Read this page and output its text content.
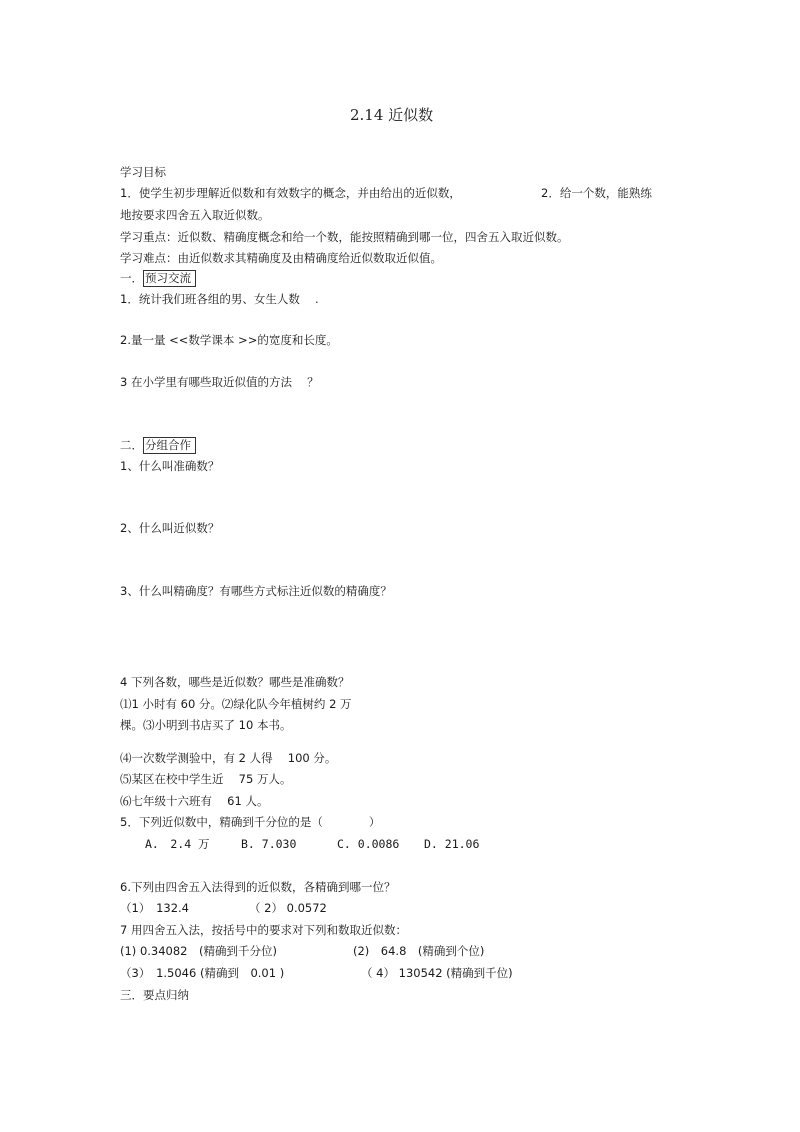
2.14 近似数
学习目标
1．使学生初步理解近似数和有效数字的概念，并由给出的近似数，	2．给一个数，能熟练
地按要求四舍五入取近似数。
学习重点：近似数、精确度概念和给一个数，能按照精确到哪一位，四舍五入取近似数。
学习难点：由近似数求其精确度及由精确度给近似数取近似值。
一． 预习交流
1．统计我们班各组的男、女生人数　 .
2.量一量 <<数学课本 >>的宽度和长度。
3 在小学里有哪些取近似值的方法　 ？
二． 分组合作
1、什么叫准确数？
2、什么叫近似数？
3、什么叫精确度？有哪些方式标注近似数的精确度？
4 下列各数，哪些是近似数？哪些是准确数？
⑴1 小时有 60 分。⑵绿化队今年植树约 2 万
棵。⑶小明到书店买了 10 本书。
⑷一次数学测验中，有 2 人得　 100 分。
⑸某区在校中学生近　 75 万人。
⑹七年级十六班有　 61 人。
5．下列近似数中，精确到千分位的是（　　　　）
A.　2.4 万	B. 7.030	C. 0.0086 D. 21.06
6.下列由四舍五入法得到的近似数，各精确到哪一位？
（1）　132.4	（ 2） 0.0572
7 用四舍五入法，按括号中的要求对下列和数取近似数：
(1) 0.34082　(精确到千分位)	(2)　64.8　(精确到个位)
（3）　1.5046 (精确到　0.01 )	（ 4） 130542 (精确到千位)
三．要点归纳
